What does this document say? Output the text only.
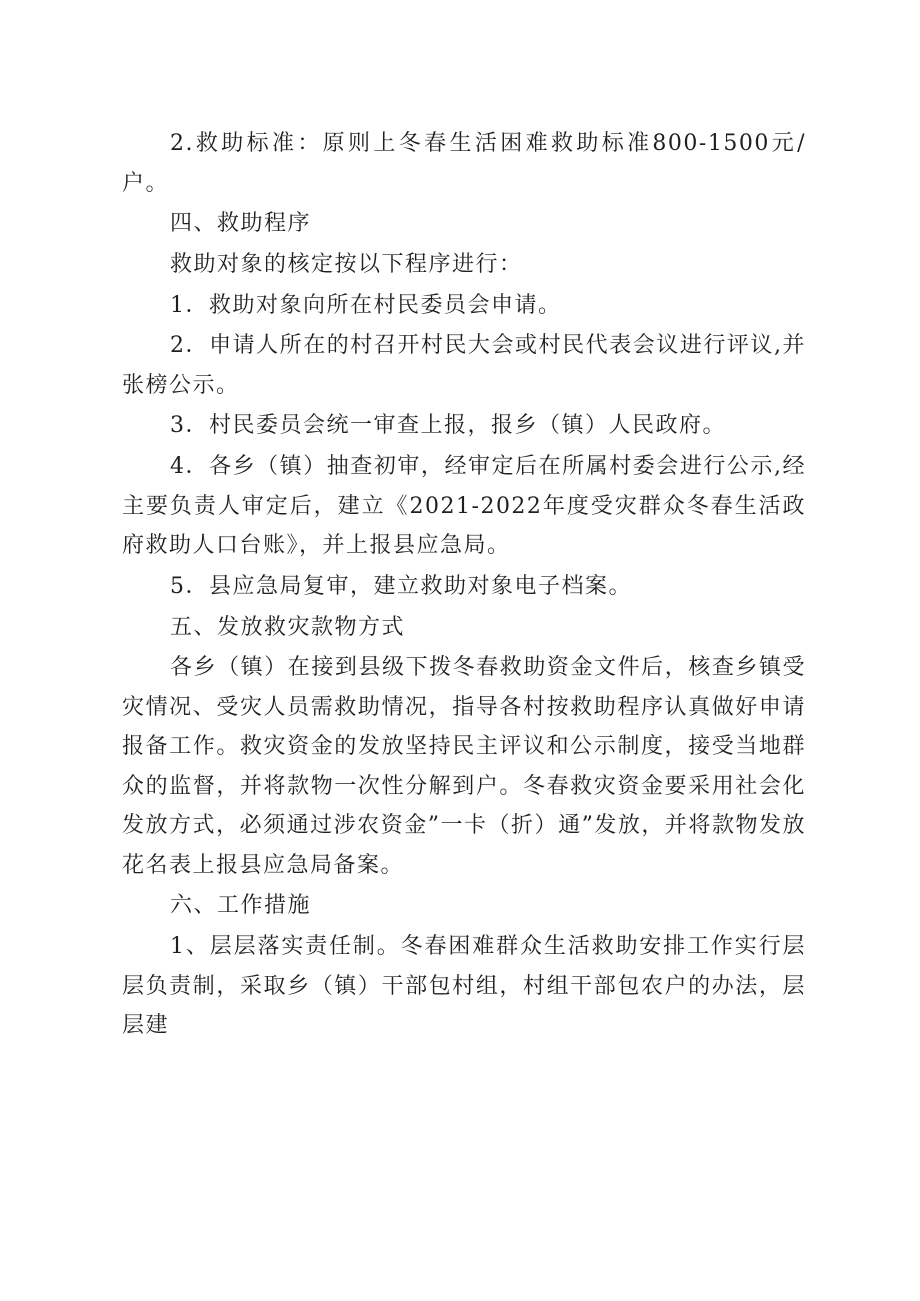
2.救助标准：原则上冬春生活困难救助标准800-1500元/户。

四、救助程序

救助对象的核定按以下程序进行：

1．救助对象向所在村民委员会申请。

2．申请人所在的村召开村民大会或村民代表会议进行评议,并张榜公示。

3．村民委员会统一审查上报，报乡（镇）人民政府。

4．各乡（镇）抽查初审，经审定后在所属村委会进行公示,经主要负责人审定后，建立《2021-2022年度受灾群众冬春生活政府救助人口台账》，并上报县应急局。

5．县应急局复审，建立救助对象电子档案。

五、发放救灾款物方式

各乡（镇）在接到县级下拨冬春救助资金文件后，核查乡镇受灾情况、受灾人员需救助情况，指导各村按救助程序认真做好申请报备工作。救灾资金的发放坚持民主评议和公示制度，接受当地群众的监督，并将款物一次性分解到户。冬春救灾资金要采用社会化发放方式，必须通过涉农资金”一卡（折）通”发放，并将款物发放花名表上报县应急局备案。

六、工作措施

1、层层落实责任制。冬春困难群众生活救助安排工作实行层层负责制，采取乡（镇）干部包村组，村组干部包农户的办法，层层建
